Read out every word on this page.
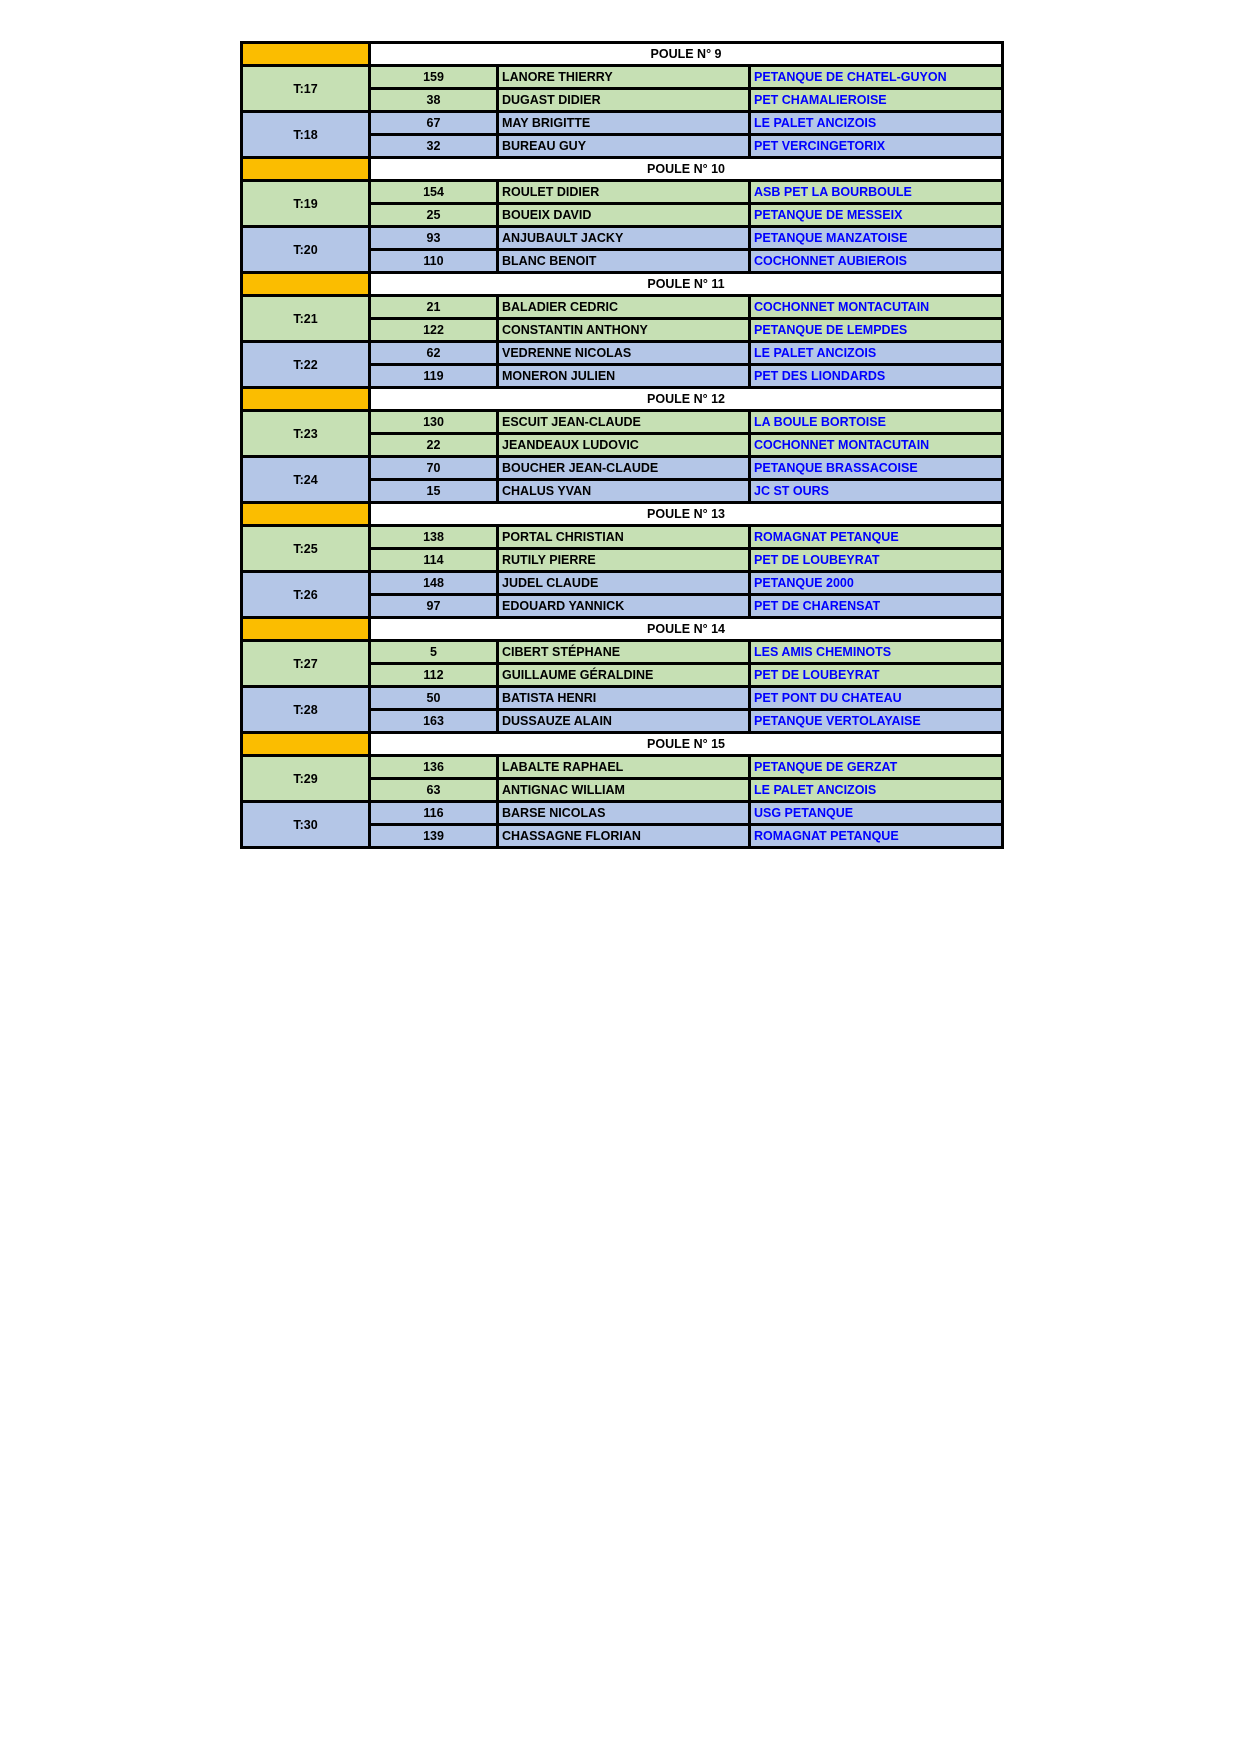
	POULE N° 9		
T:17	159	LANORE THIERRY	PETANQUE DE CHATEL-GUYON
	38	DUGAST DIDIER	PET CHAMALIEROISE
T:18	67	MAY BRIGITTE	LE PALET ANCIZOIS
	32	BUREAU GUY	PET VERCINGETORIX
	POULE N° 10		
T:19	154	ROULET DIDIER	ASB PET LA BOURBOULE
	25	BOUEIX DAVID	PETANQUE DE MESSEIX
T:20	93	ANJUBAULT JACKY	PETANQUE MANZATOISE
	110	BLANC BENOIT	COCHONNET AUBIEROIS
	POULE N° 11		
T:21	21	BALADIER CEDRIC	COCHONNET MONTACUTAIN
	122	CONSTANTIN ANTHONY	PETANQUE DE LEMPDES
T:22	62	VEDRENNE NICOLAS	LE PALET ANCIZOIS
	119	MONERON JULIEN	PET DES LIONDARDS
	POULE N° 12		
T:23	130	ESCUIT JEAN-CLAUDE	LA BOULE BORTOISE
	22	JEANDEAUX LUDOVIC	COCHONNET MONTACUTAIN
T:24	70	BOUCHER JEAN-CLAUDE	PETANQUE BRASSACOISE
	15	CHALUS YVAN	JC ST OURS
	POULE N° 13		
T:25	138	PORTAL CHRISTIAN	ROMAGNAT PETANQUE
	114	RUTILY PIERRE	PET DE LOUBEYRAT
T:26	148	JUDEL CLAUDE	PETANQUE 2000
	97	EDOUARD YANNICK	PET DE CHARENSAT
	POULE N° 14		
T:27	5	CIBERT STÉPHANE	LES AMIS CHEMINOTS
	112	GUILLAUME GÉRALDINE	PET DE LOUBEYRAT
T:28	50	BATISTA HENRI	PET PONT DU CHATEAU
	163	DUSSAUZE ALAIN	PETANQUE VERTOLAYAISE
	POULE N° 15		
T:29	136	LABALTE RAPHAEL	PETANQUE DE GERZAT
	63	ANTIGNAC WILLIAM	LE PALET ANCIZOIS
T:30	116	BARSE NICOLAS	USG PETANQUE
	139	CHASSAGNE FLORIAN	ROMAGNAT PETANQUE
